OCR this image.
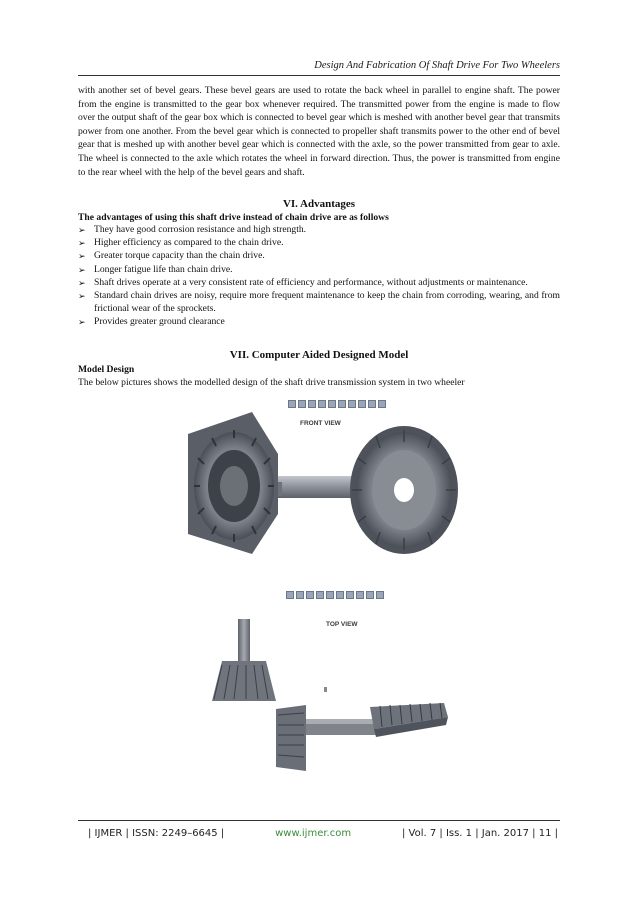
Design And Fabrication Of Shaft Drive For Two Wheelers

with another set of bevel gears. These bevel gears are used to rotate the back wheel in parallel to engine shaft. The power from the engine is transmitted to the gear box whenever required. The transmitted power from the engine is made to flow over the output shaft of the gear box which is connected to bevel gear which is meshed with another bevel gear that transmits power from one another. From the bevel gear which is connected to propeller shaft transmits power to the other end of bevel gear that is meshed up with another bevel gear which is connected with the axle, so the power transmitted from gear to axle. The wheel is connected to the axle which rotates the wheel in forward direction. Thus, the power is transmitted from engine to the rear wheel with the help of the bevel gears and shaft.

VI. Advantages

The advantages of using this shaft drive instead of chain drive are as follows

➢ They have good corrosion resistance and high strength.
➢ Higher efficiency as compared to the chain drive.
➢ Greater torque capacity than the chain drive.
➢ Longer fatigue life than chain drive.
➢ Shaft drives operate at a very consistent rate of efficiency and performance, without adjustments or maintenance.
➢ Standard chain drives are noisy, require more frequent maintenance to keep the chain from corroding, wearing, and from frictional wear of the sprockets.
➢ Provides greater ground clearance
VII. Computer Aided Designed Model

Model Design

The below pictures shows the modelled design of the shaft drive transmission system in two wheeler

FRONT VIEW
TOP VIEW
| IJMER | ISSN: 2249–6645 |	www.ijmer.com	| Vol. 7 | Iss. 1 | Jan. 2017 | 11 |
